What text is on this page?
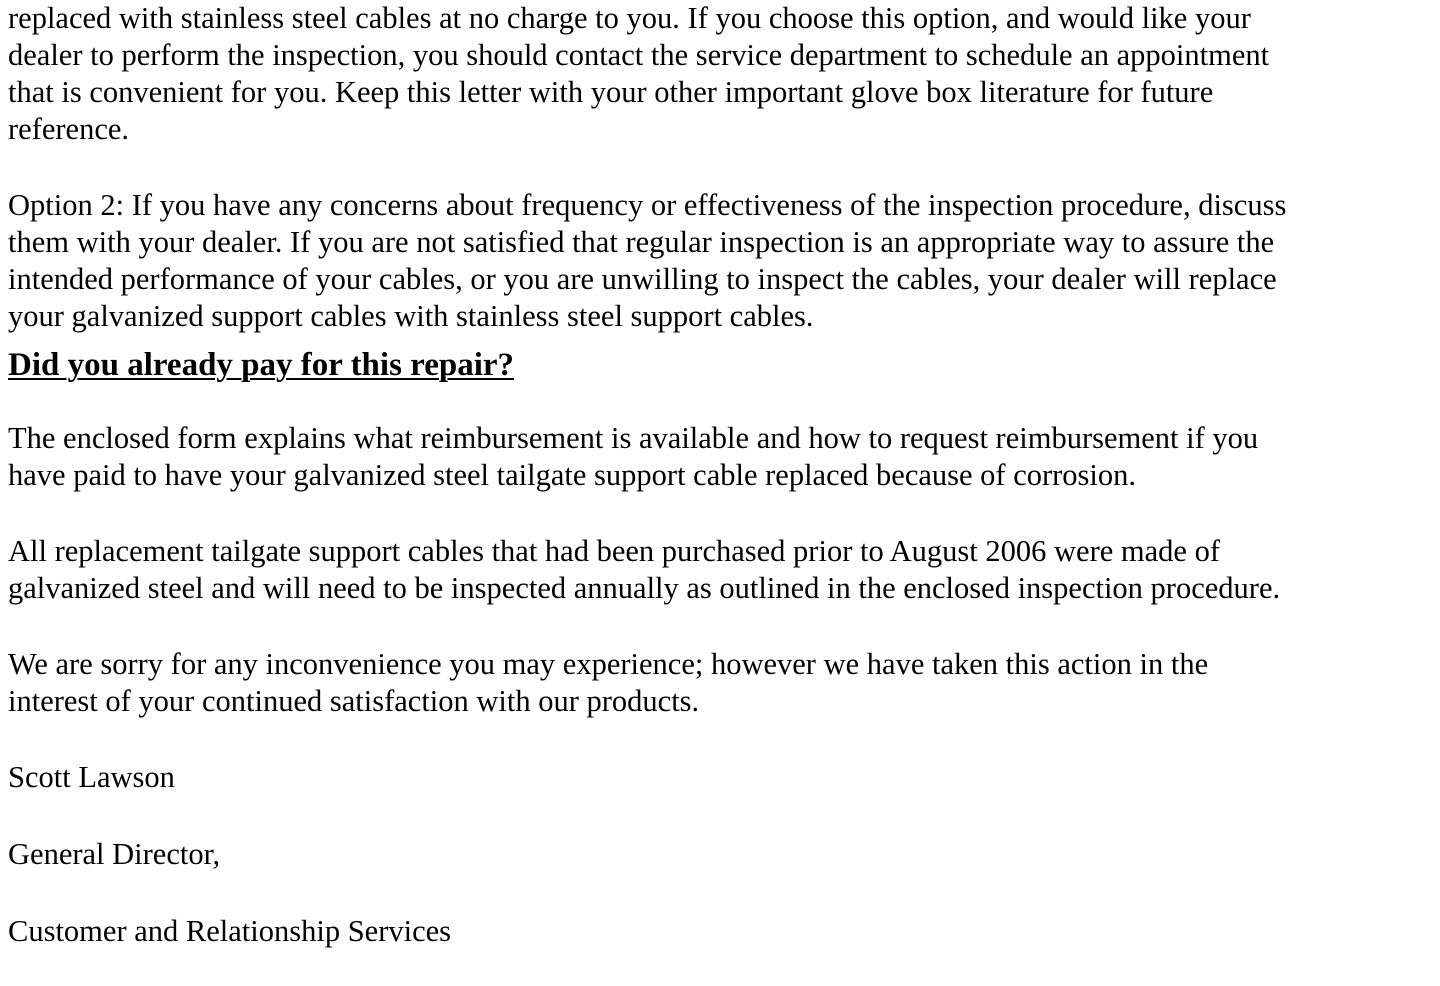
replaced with stainless steel cables at no charge to you. If you choose this option, and would like your
dealer to perform the inspection, you should contact the service department to schedule an appointment
that is convenient for you. Keep this letter with your other important glove box literature for future
reference.
Option 2: If you have any concerns about frequency or effectiveness of the inspection procedure, discuss
them with your dealer. If you are not satisfied that regular inspection is an appropriate way to assure the
intended performance of your cables, or you are unwilling to inspect the cables, your dealer will replace
your galvanized support cables with stainless steel support cables.
Did you already pay for this repair?
The enclosed form explains what reimbursement is available and how to request reimbursement if you
have paid to have your galvanized steel tailgate support cable replaced because of corrosion.
All replacement tailgate support cables that had been purchased prior to August 2006 were made of
galvanized steel and will need to be inspected annually as outlined in the enclosed inspection procedure.
We are sorry for any inconvenience you may experience; however we have taken this action in the
interest of your continued satisfaction with our products.
Scott Lawson
General Director,
Customer and Relationship Services
